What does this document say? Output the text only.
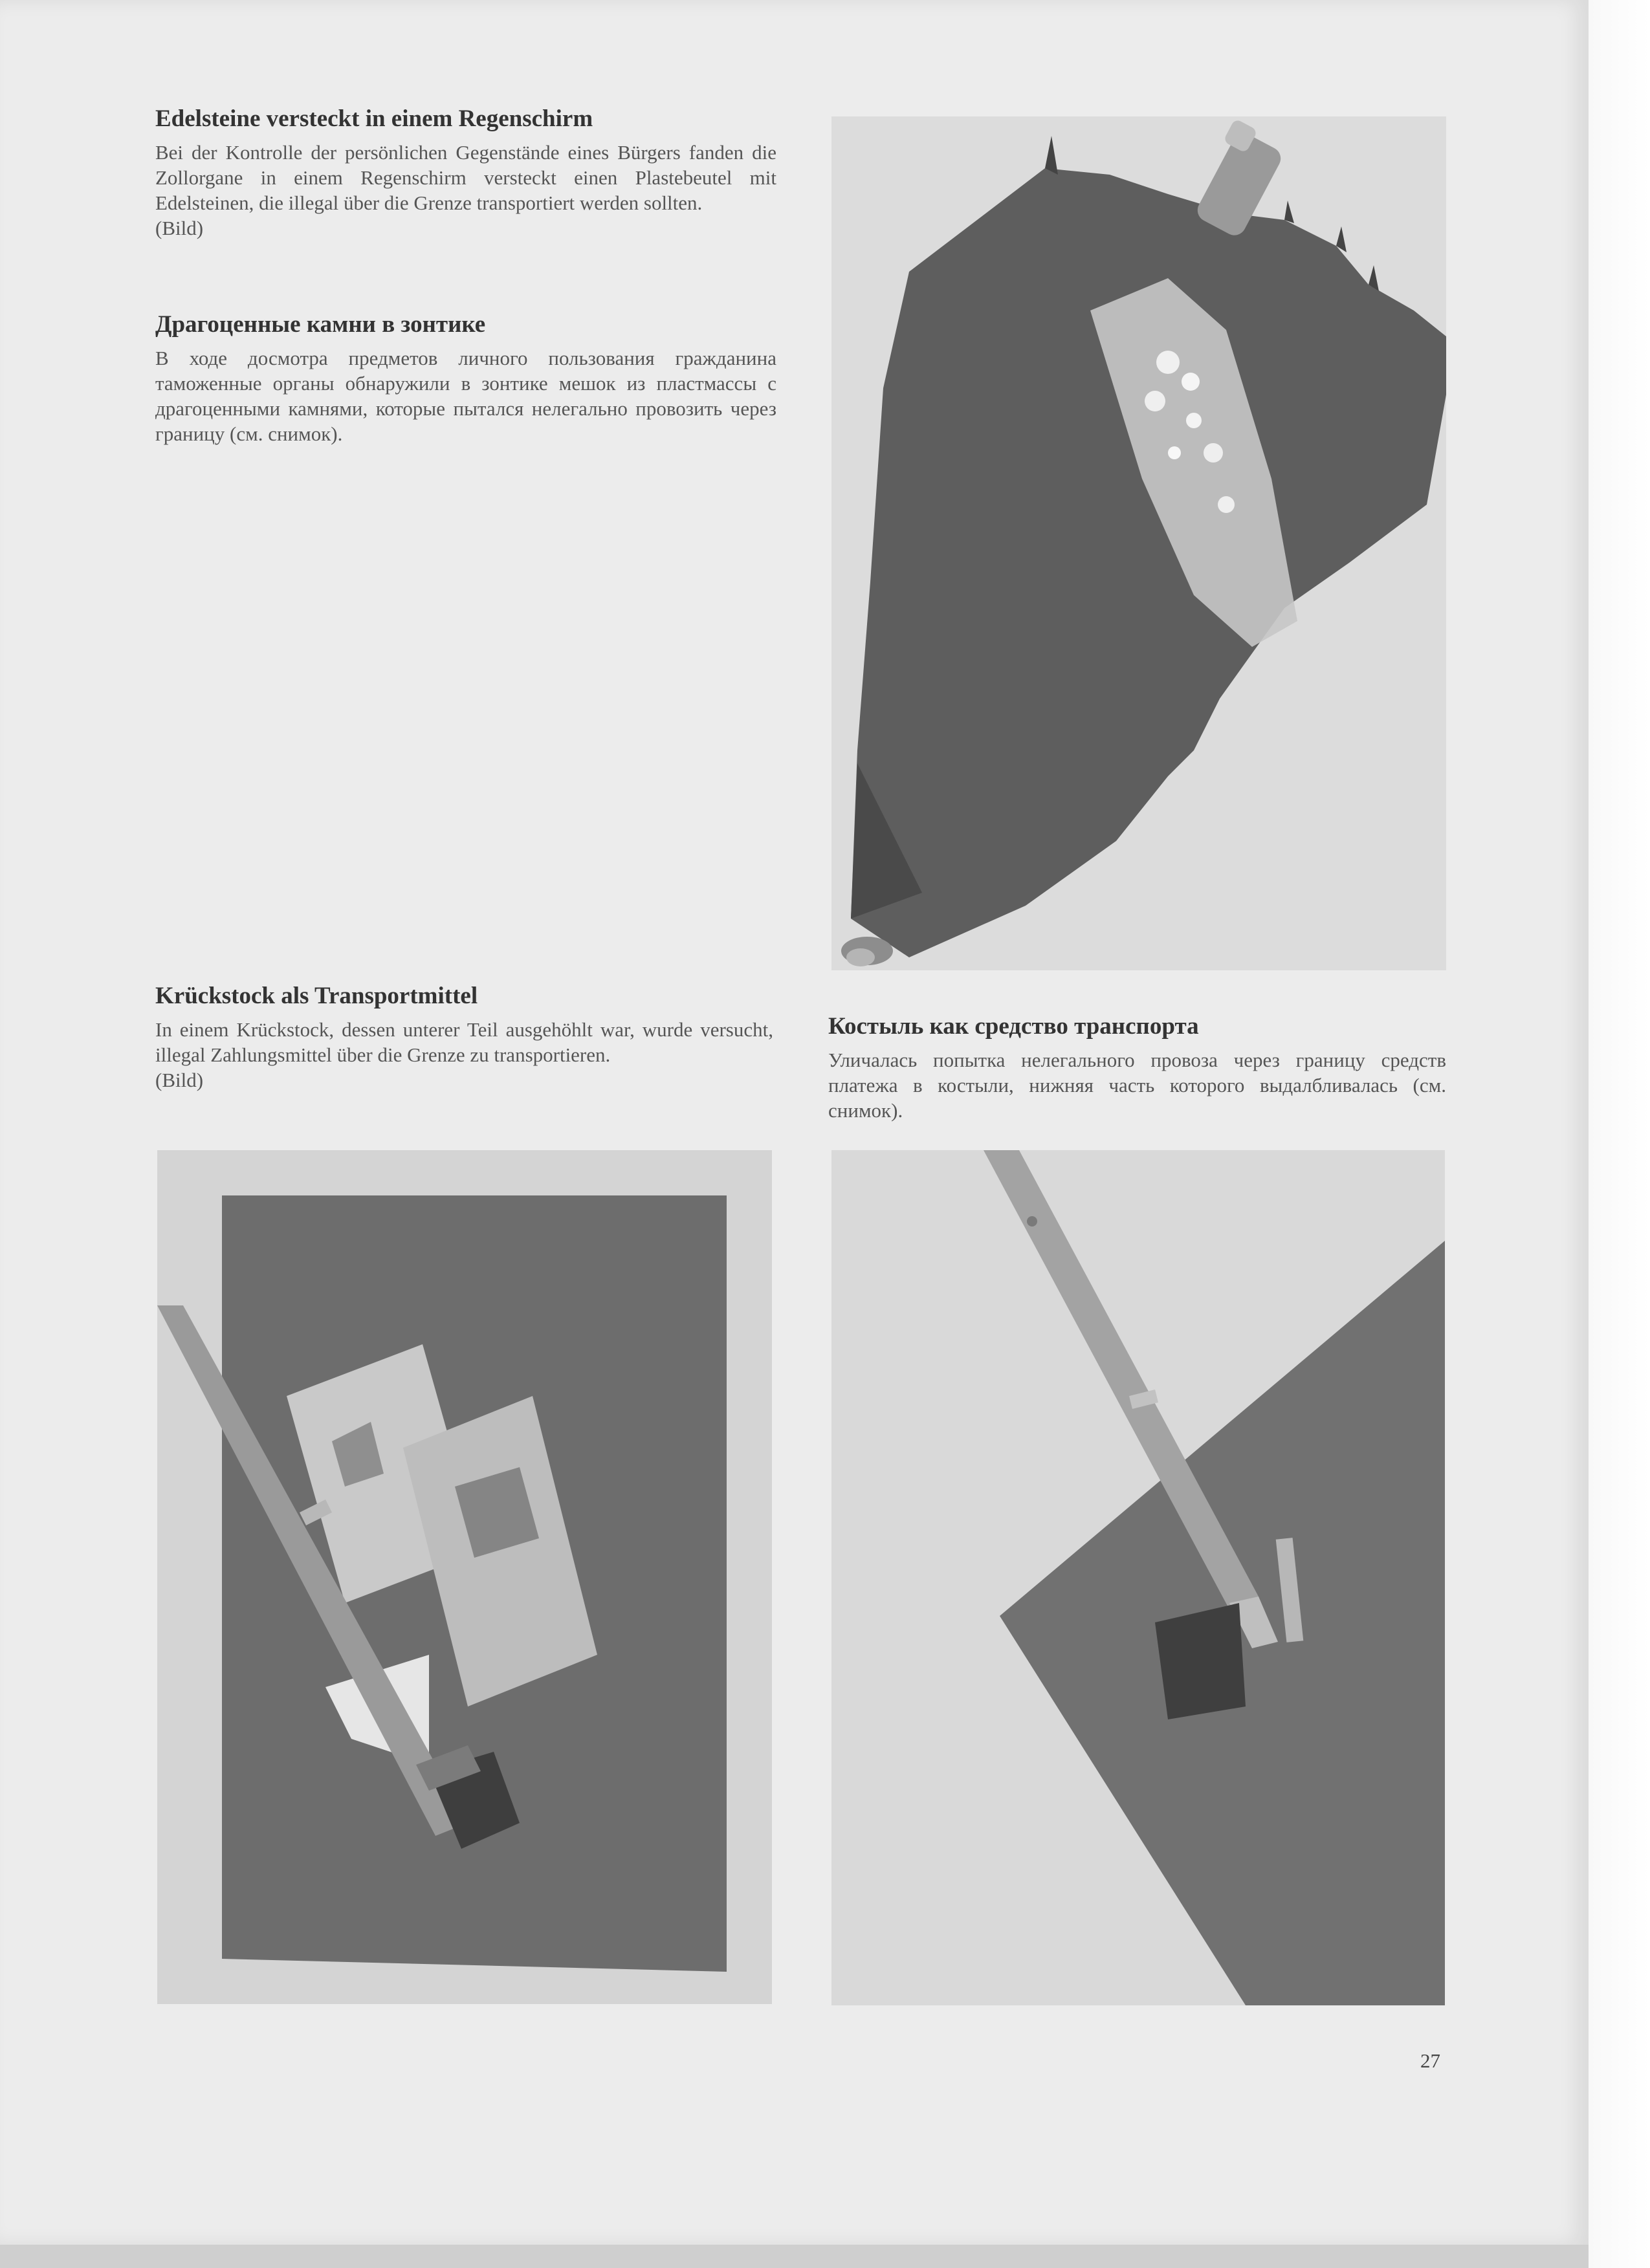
Edelsteine versteckt in einem Regenschirm

Bei der Kontrolle der persönlichen Gegenstände eines Bürgers fanden die Zollorgane in einem Regenschirm versteckt einen Plastebeutel mit Edelsteinen, die illegal über die Grenze transportiert werden sollten.

(Bild)

Драгоценные камни в зонтике

В ходе досмотра предметов личного пользования гражданина таможенные органы обнаружили в зонтике мешок из пластмассы с драгоценными камнями, которые пытался нелегально провозить через границу (см. снимок).

Krückstock als Transportmittel

In einem Krückstock, dessen unterer Teil ausgehöhlt war, wurde versucht, illegal Zahlungsmittel über die Grenze zu transportieren.

(Bild)

Костыль как средство транспорта

Уличалась попытка нелегального провоза через границу средств платежа в костыли, нижняя часть которого выдалбливалась (см. снимок).

27
